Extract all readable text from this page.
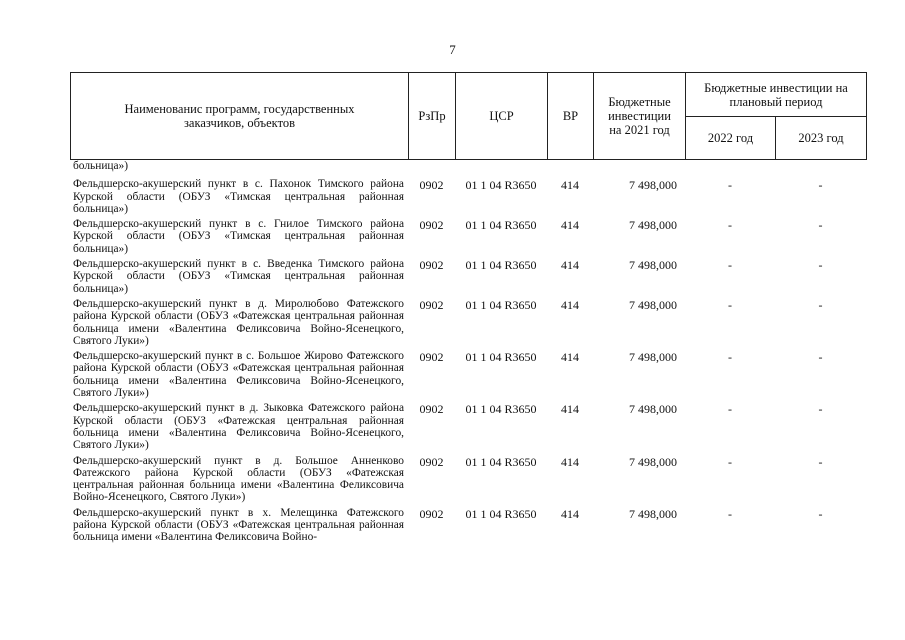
7
Наименованис программ, государственных заказчиков, объектов	РзПр	ЦСР	ВР	Бюджетные инвестиции на 2021 год	Бюджетные инвестиции на плановый период	
					2022 год	2023 год
больница»)						
Фельдшерско-акушерский пункт в с. Пахонок Тимского района Курской области (ОБУЗ «Тимская центральная районная больница»)	0902	01 1 04 R3650	414	7 498,000	-	-
Фельдшерско-акушерский пункт в с. Гнилое Тимского района Курской области (ОБУЗ «Тимская центральная районная больница»)	0902	01 1 04 R3650	414	7 498,000	-	-
Фельдшерско-акушерский пункт в с. Введенка Тимского района Курской области (ОБУЗ «Тимская центральная районная больница»)	0902	01 1 04 R3650	414	7 498,000	-	-
Фельдшерско-акушерский пункт в д. Миролюбово Фатежского района Курской области (ОБУЗ «Фатежская центральная районная больница имени «Валентина Феликсовича Войно-Ясенецкого, Святого Луки»)	0902	01 1 04 R3650	414	7 498,000	-	-
Фельдшерско-акушерский пункт в с. Большое Жирово Фатежского района Курской области (ОБУЗ «Фатежская центральная районная больница имени «Валентина Феликсовича Войно-Ясенецкого, Святого Луки»)	0902	01 1 04 R3650	414	7 498,000	-	-
Фельдшерско-акушерский пункт в д. Зыковка Фатежского района Курской области (ОБУЗ «Фатежская центральная районная больница имени «Валентина Феликсовича Войно-Ясенецкого, Святого Луки»)	0902	01 1 04 R3650	414	7 498,000	-	-
Фельдшерско-акушерский пункт в д. Большое Анненково Фатежского района Курской области (ОБУЗ «Фатежская центральная районная больница имени «Валентина Феликсовича Войно-Ясенецкого, Святого Луки»)	0902	01 1 04 R3650	414	7 498,000	-	-
Фельдшерско-акушерский пункт в х. Мелещинка Фатежского района Курской области (ОБУЗ «Фатежская центральная районная больница имени «Валентина Феликсовича Войно-	0902	01 1 04 R3650	414	7 498,000	-	-
